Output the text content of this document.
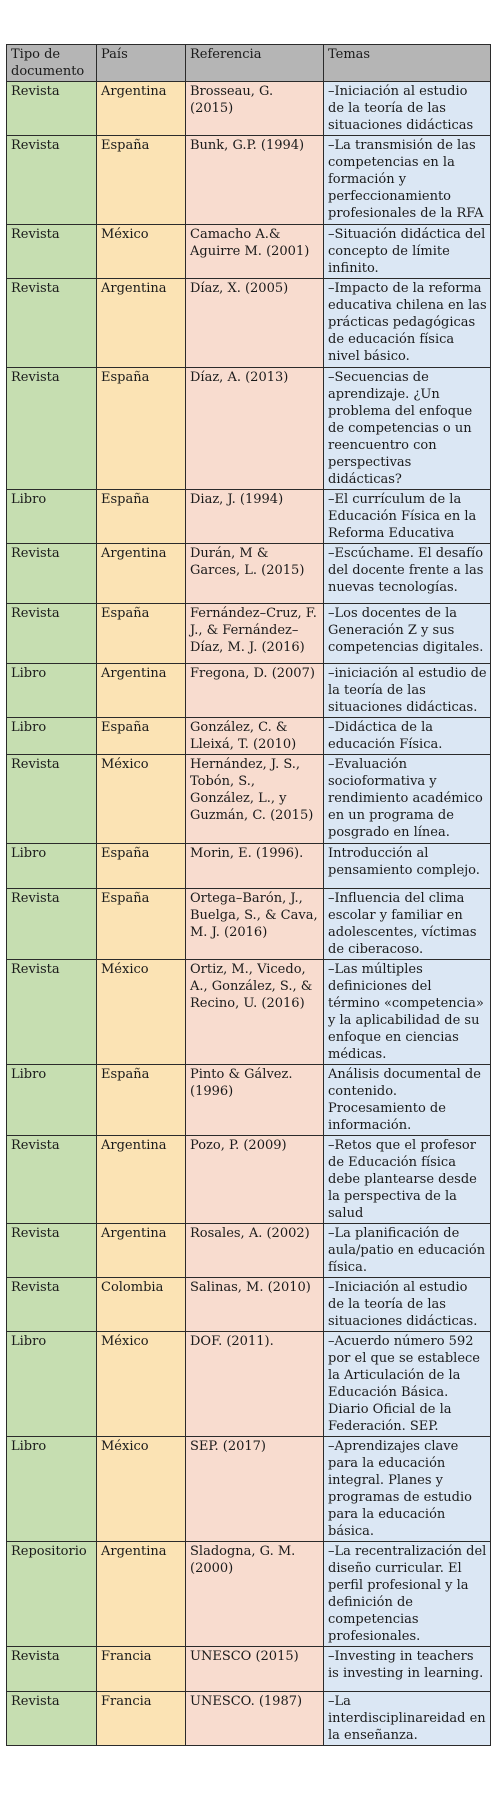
Tipo de documento	País	Referencia	Temas
Revista	Argentina	Brosseau, G. (2015)	–Iniciación al estudio de la teoría de las situaciones didácticas
Revista	España	Bunk, G.P. (1994)	–La transmisión de las competencias en la formación y perfeccionamiento profesionales de la RFA
Revista	México	Camacho A.& Aguirre M. (2001)	–Situación didáctica del concepto de límite infinito.
Revista	Argentina	Díaz, X. (2005)	–Impacto de la reforma educativa chilena en las prácticas pedagógicas de educación física nivel básico.
Revista	España	Díaz, A. (2013)	–Secuencias de aprendizaje. ¿Un problema del enfoque de competencias o un reencuentro con perspectivas didácticas?
Libro	España	Diaz, J. (1994)	–El currículum de la Educación Física en la Reforma Educativa
Revista	Argentina	Durán, M & Garces, L. (2015)	–Escúchame. El desafío del docente frente a las nuevas tecnologías.
Revista	España	Fernández–Cruz, F. J., & Fernández–Díaz, M. J. (2016)	–Los docentes de la Generación Z y sus competencias digitales.
Libro	Argentina	Fregona, D. (2007)	–iniciación al estudio de la teoría de las situaciones didácticas.
Libro	España	González, C. & Lleixá, T. (2010)	–Didáctica de la educación Física.
Revista	México	Hernández, J. S., Tobón, S., González, L., y Guzmán, C. (2015)	–Evaluación socioformativa y rendimiento académico en un programa de posgrado en línea.
Libro	España	Morin, E. (1996).	Introducción al pensamiento complejo.
Revista	España	Ortega–Barón, J., Buelga, S., & Cava, M. J. (2016)	–Influencia del clima escolar y familiar en adolescentes, víctimas de ciberacoso.
Revista	México	Ortiz, M., Vicedo, A., González, S., & Recino, U. (2016)	–Las múltiples definiciones del término «competencia» y la aplicabilidad de su enfoque en ciencias médicas.
Libro	España	Pinto & Gálvez. (1996)	Análisis documental de contenido. Procesamiento de información.
Revista	Argentina	Pozo, P. (2009)	–Retos que el profesor de Educación física debe plantearse desde la perspectiva de la salud
Revista	Argentina	Rosales, A. (2002)	–La planificación de aula/patio en educación física.
Revista	Colombia	Salinas, M. (2010)	–Iniciación al estudio de la teoría de las situaciones didácticas.
Libro	México	DOF. (2011).	–Acuerdo número 592 por el que se establece la Articulación de la Educación Básica. Diario Oficial de la Federación. SEP.
Libro	México	SEP. (2017)	–Aprendizajes clave para la educación integral. Planes y programas de estudio para la educación básica.
Repositorio	Argentina	Sladogna, G. M. (2000)	–La recentralización del diseño curricular. El perfil profesional y la definición de competencias profesionales.
Revista	Francia	UNESCO (2015)	–Investing in teachers is investing in learning.
Revista	Francia	UNESCO. (1987)	–La interdisciplinareidad en la enseñanza.
